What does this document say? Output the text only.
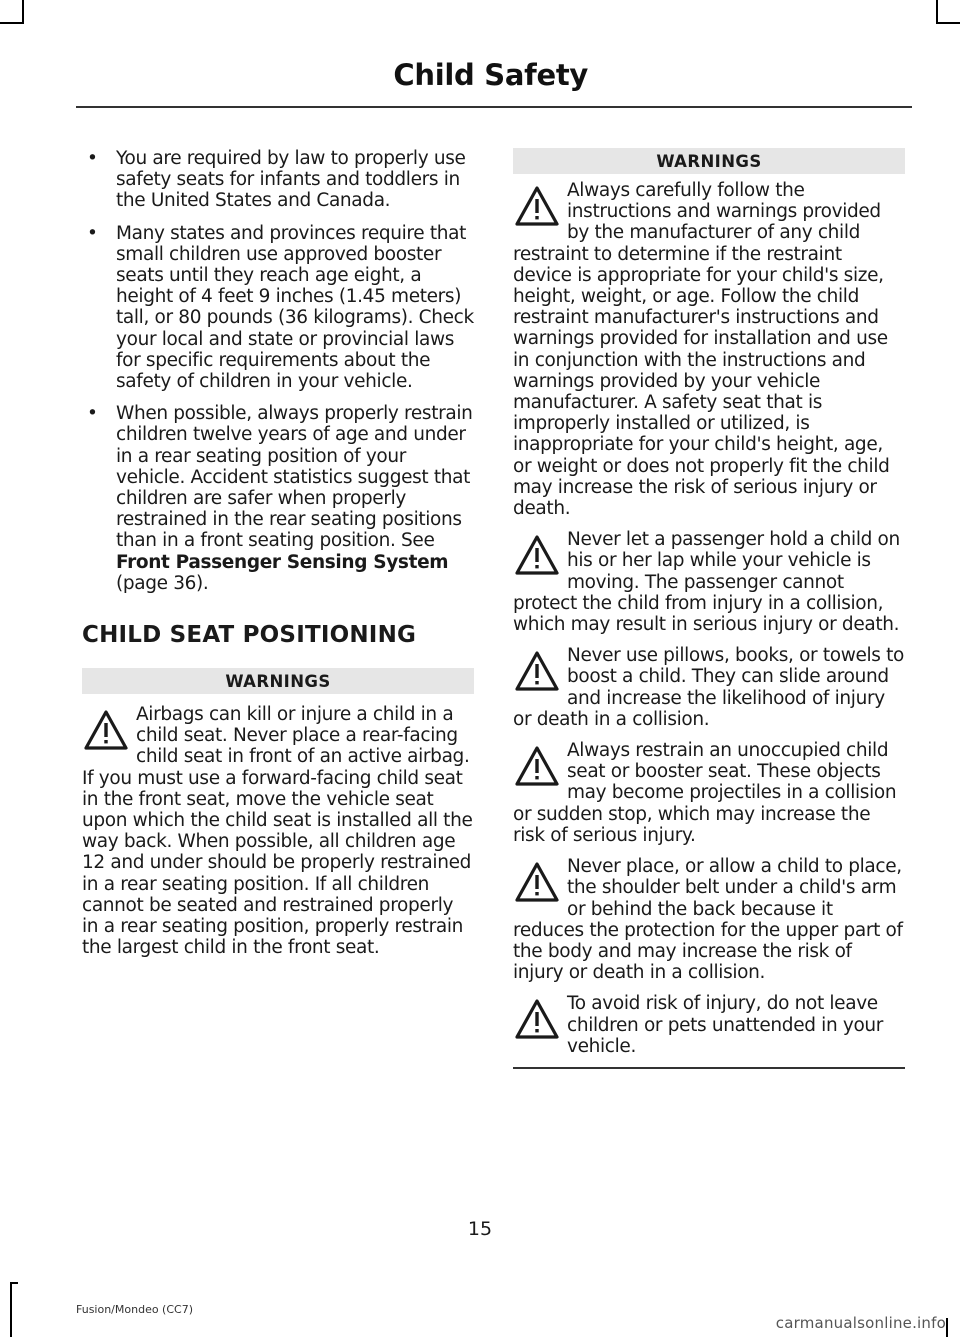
Child Safety
• You are required by law to properly use safety seats for infants and toddlers in the United States and Canada.
• Many states and provinces require that small children use approved booster seats until they reach age eight, a height of 4 feet 9 inches (1.45 meters) tall, or 80 pounds (36 kilograms). Check your local and state or provincial laws for specific requirements about the safety of children in your vehicle.
• When possible, always properly restrain children twelve years of age and under in a rear seating position of your vehicle. Accident statistics suggest that children are safer when properly restrained in the rear seating positions than in a front seating position. See Front Passenger Sensing System (page 36).
CHILD SEAT POSITIONING
WARNINGS

Airbags can kill or injure a child in a child seat. Never place a rear-facing child seat in front of an active airbag. If you must use a forward-facing child seat in the front seat, move the vehicle seat upon which the child seat is installed all the way back. When possible, all children age 12 and under should be properly restrained in a rear seating position. If all children cannot be seated and restrained properly in a rear seating position, properly restrain the largest child in the front seat.

WARNINGS

Always carefully follow the instructions and warnings provided by the manufacturer of any child restraint to determine if the restraint device is appropriate for your child's size, height, weight, or age. Follow the child restraint manufacturer's instructions and warnings provided for installation and use in conjunction with the instructions and warnings provided by your vehicle manufacturer. A safety seat that is improperly installed or utilized, is inappropriate for your child's height, age, or weight or does not properly fit the child may increase the risk of serious injury or death.

Never let a passenger hold a child on his or her lap while your vehicle is moving. The passenger cannot protect the child from injury in a collision, which may result in serious injury or death.

Never use pillows, books, or towels to boost a child. They can slide around and increase the likelihood of injury or death in a collision.

Always restrain an unoccupied child seat or booster seat. These objects may become projectiles in a collision or sudden stop, which may increase the risk of serious injury.

Never place, or allow a child to place, the shoulder belt under a child's arm or behind the back because it reduces the protection for the upper part of the body and may increase the risk of injury or death in a collision.

To avoid risk of injury, do not leave children or pets unattended in your vehicle.

15
Fusion/Mondeo (CC7)
carmanualsonline.info
